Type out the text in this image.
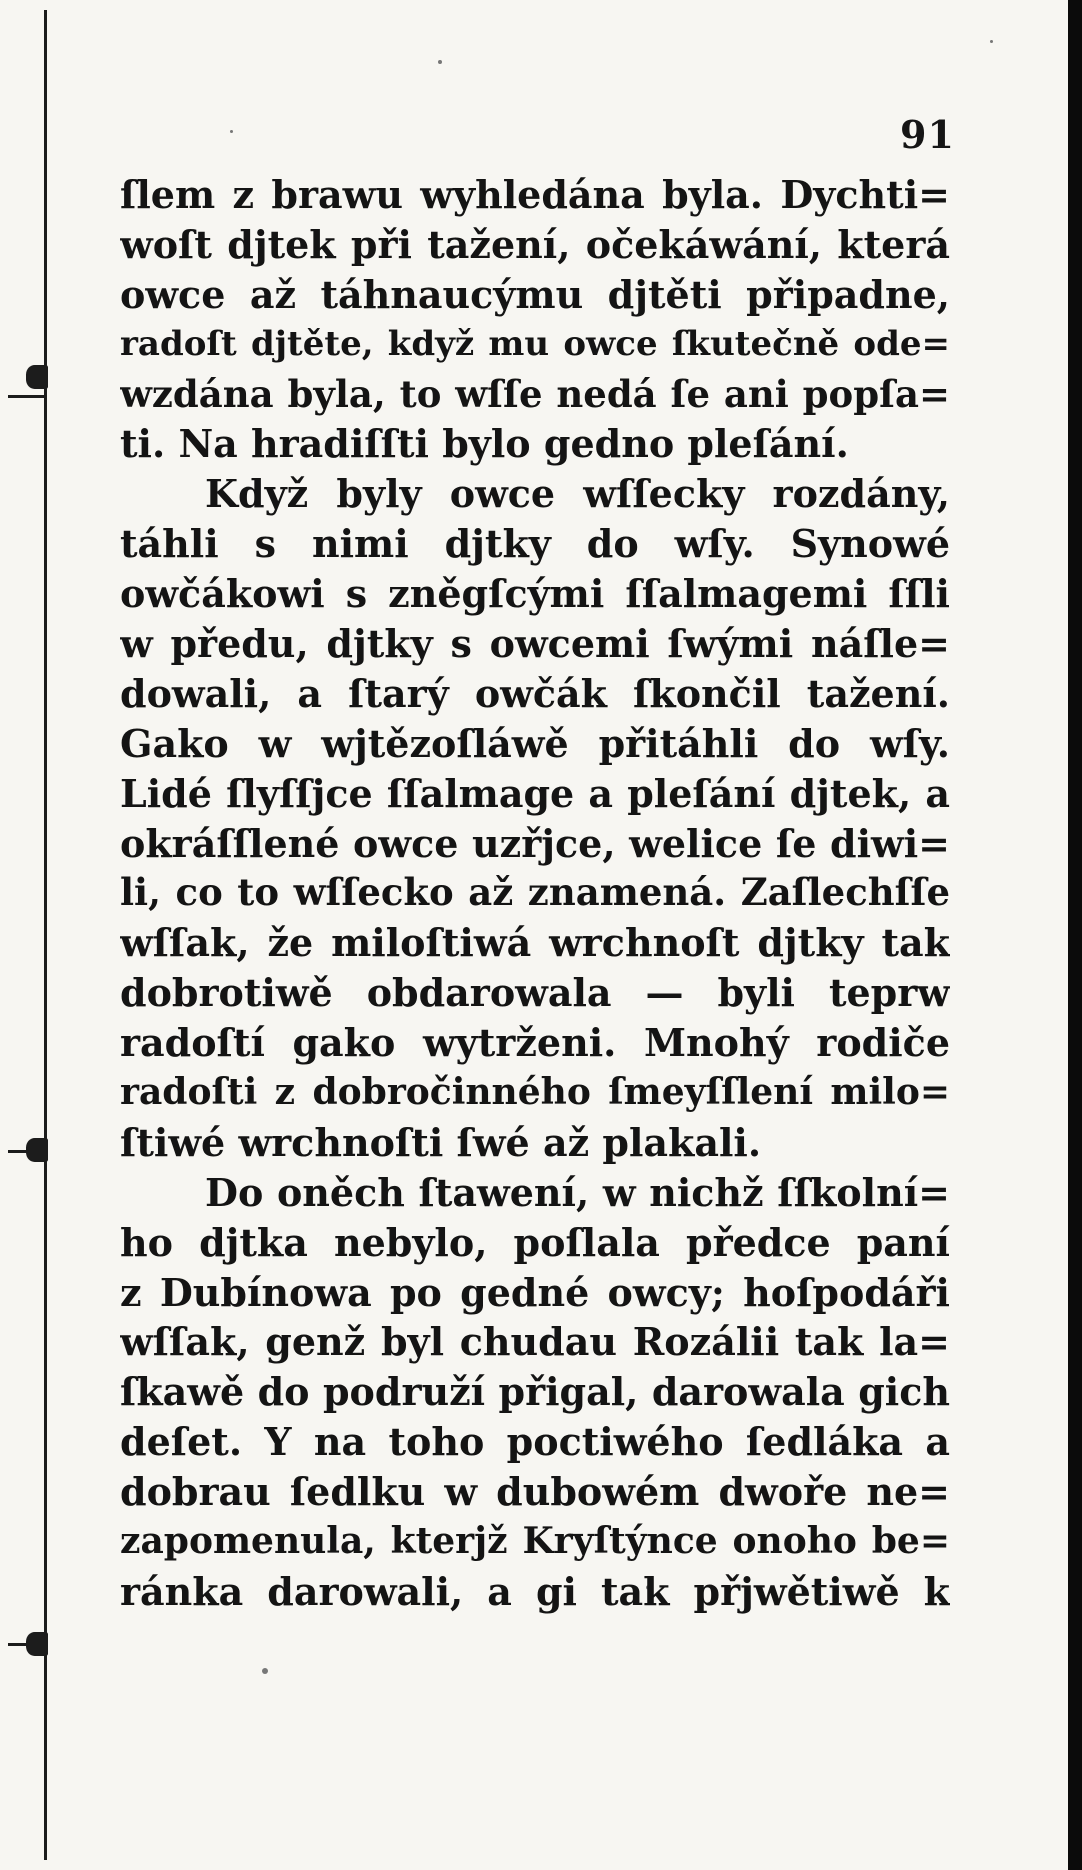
91
ſlem z brawu wyhledána byla. Dychti=
woſt djtek při tažení, očekáwání, která
owce až táhnaucýmu djtěti připadne,
radoſt djtěte, když mu owce ſkutečně ode=
wzdána byla, to wſſe nedá ſe ani popſa=
ti. Na hradiſſti bylo gedno pleſání.
Když byly owce wſſecky rozdány,
táhli s nimi djtky do wſy. Synowé
owčákowi s zněgſcými ſſalmagemi ſſli
w předu, djtky s owcemi ſwými náſle=
dowali, a ſtarý owčák ſkončil tažení.
Gako w wjtězoſláwě přitáhli do wſy.
Lidé ſlyſſjce ſſalmage a pleſání djtek, a
okráſſlené owce uzřjce, welice ſe diwi=
li, co to wſſecko až znamená. Zaſlechſſe
wſſak, že miloſtiwá wrchnoſt djtky tak
dobrotiwě obdarowala — byli teprw
radoſtí gako wytrženi. Mnohý rodiče
radoſti z dobročinného ſmeyſſlení milo=
ſtiwé wrchnoſti ſwé až plakali.
Do oněch ſtawení, w nichž ſſkolní=
ho djtka nebylo, poſlala předce paní
z Dubínowa po gedné owcy; hoſpodáři
wſſak, genž byl chudau Rozálii tak la=
ſkawě do podruží přigal, darowala gich
deſet. Y na toho poctiwého ſedláka a
dobrau ſedlku w dubowém dwoře ne=
zapomenula, kterjž Kryſtýnce onoho be=
ránka darowali, a gi tak přjwětiwě k
